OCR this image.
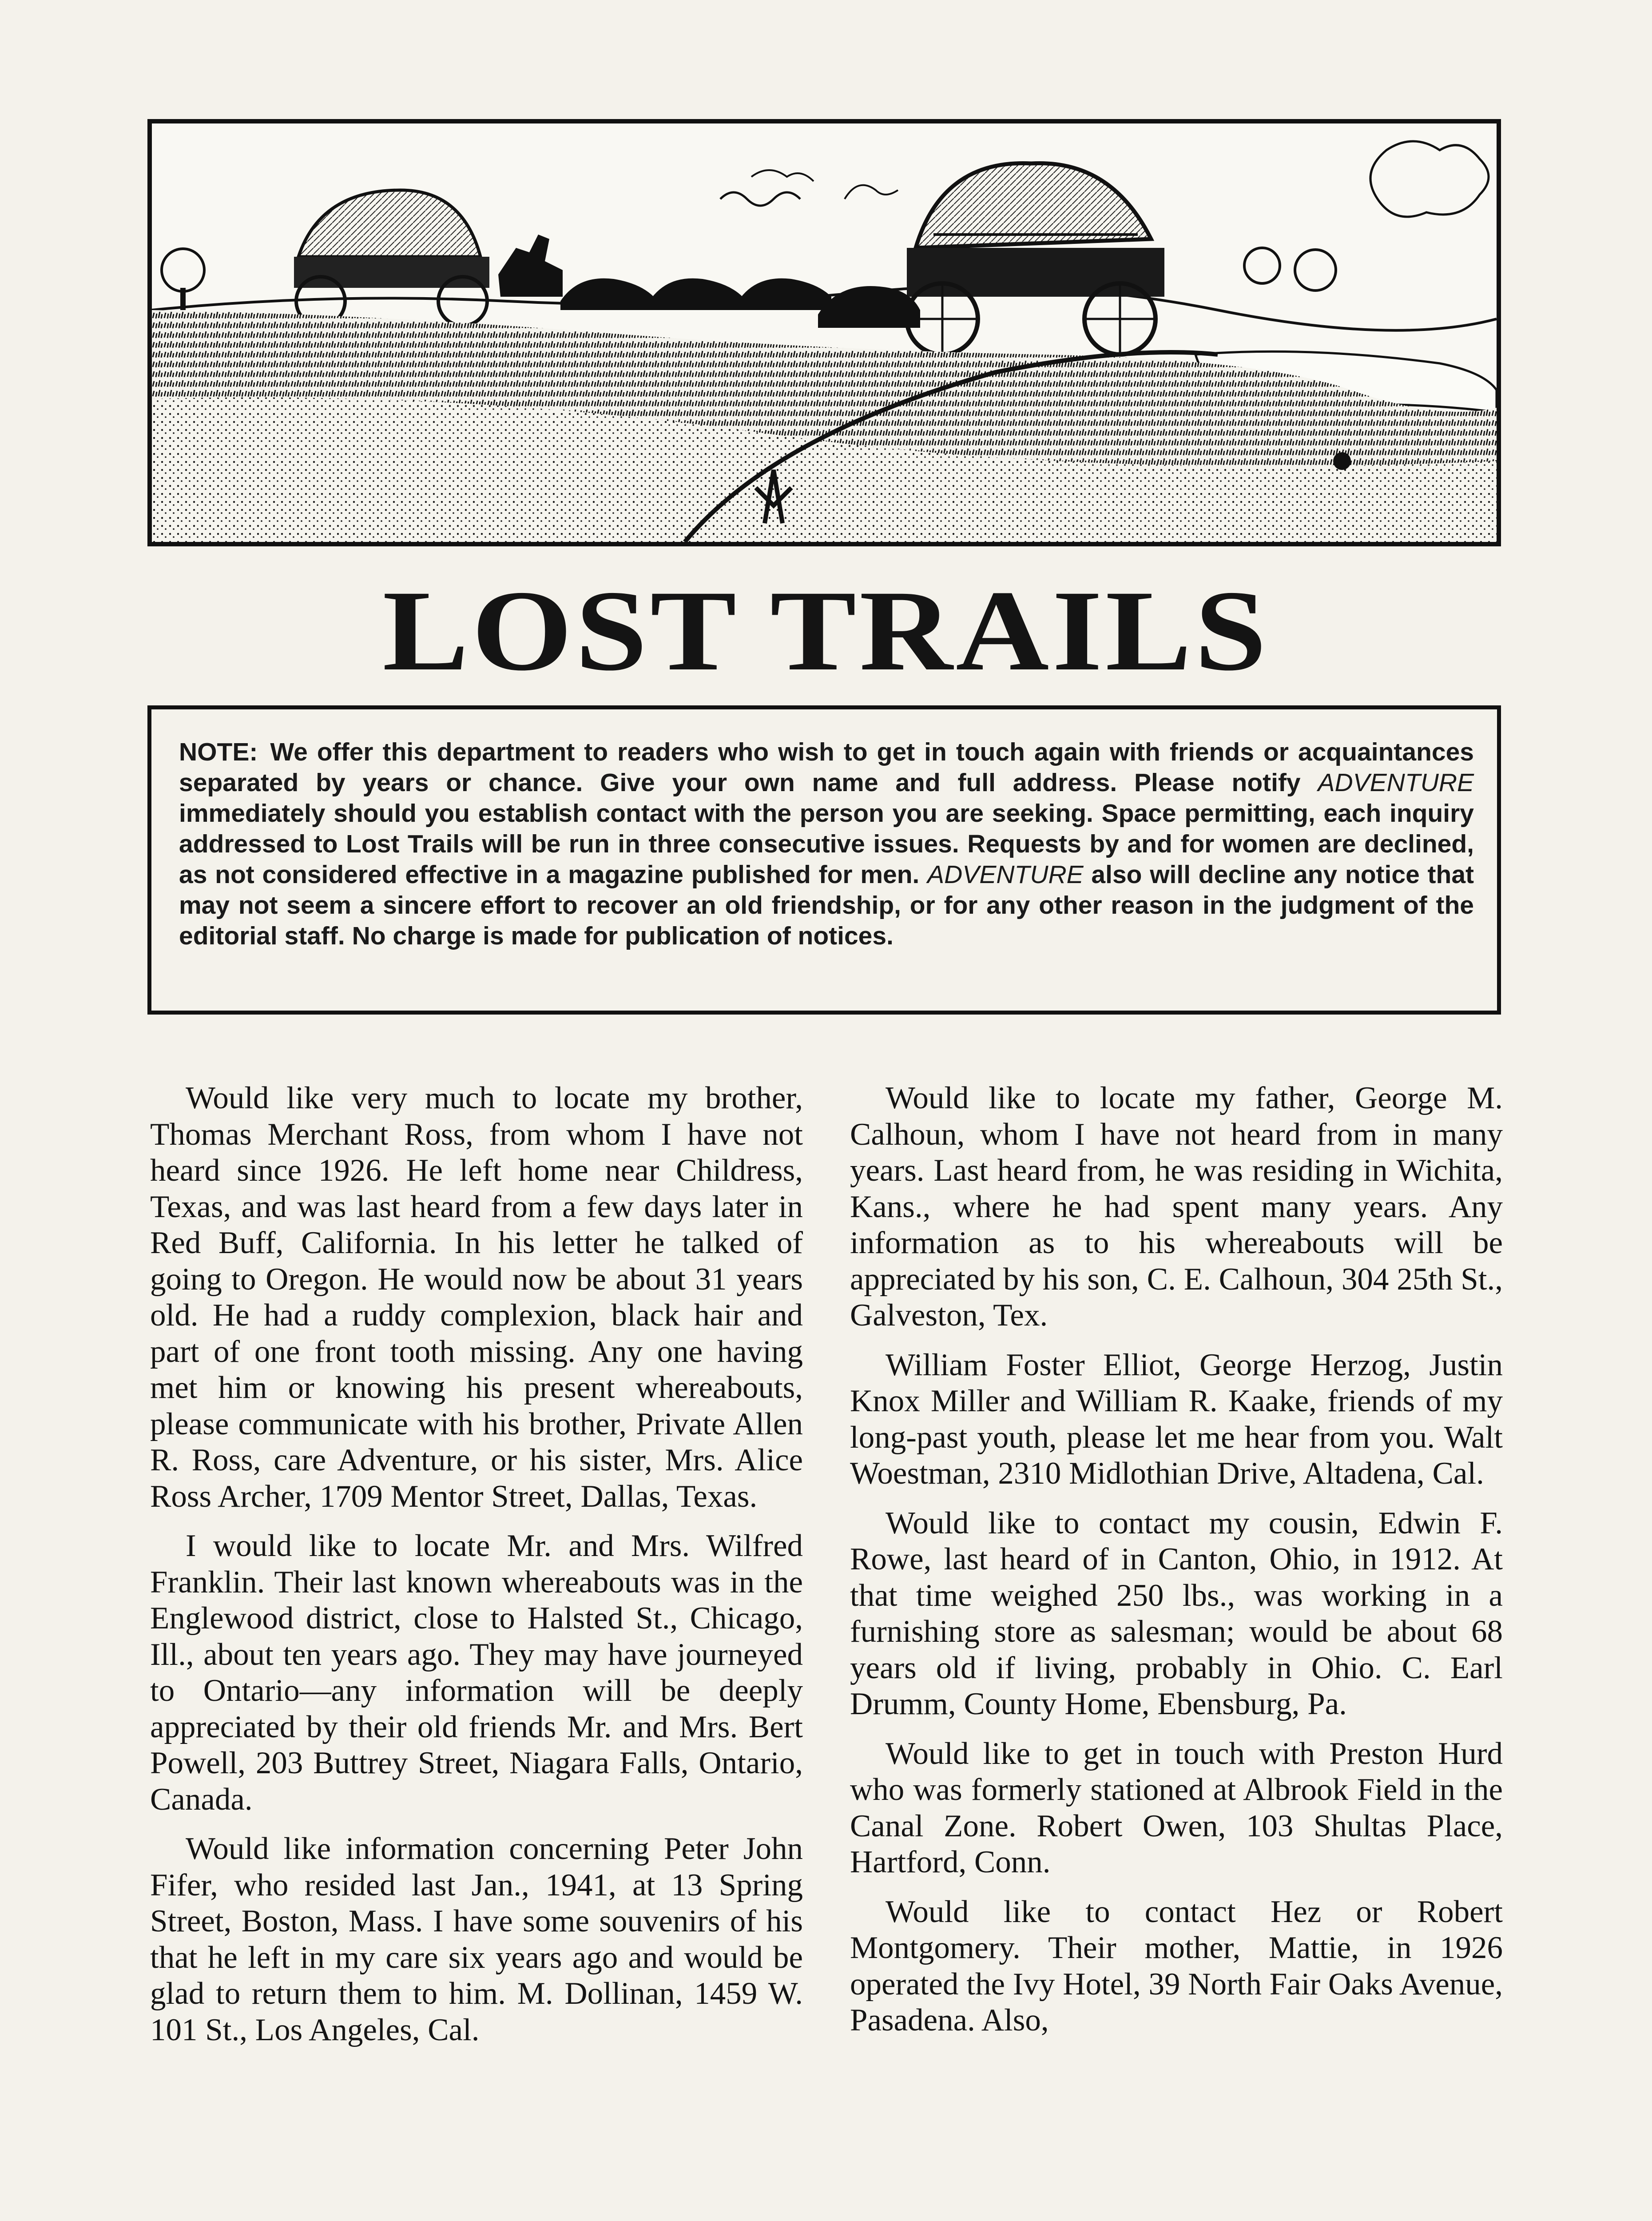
LOST TRAILS
NOTE: We offer this department to readers who wish to get in touch again with friends or acquaintances separated by years or chance. Give your own name and full address. Please notify ADVENTURE immediately should you establish contact with the person you are seeking. Space permitting, each inquiry addressed to Lost Trails will be run in three consecutive issues. Requests by and for women are declined, as not considered effective in a magazine published for men. ADVENTURE also will decline any notice that may not seem a sincere effort to recover an old friendship, or for any other reason in the judgment of the editorial staff. No charge is made for publication of notices.

Would like very much to locate my brother, Thomas Merchant Ross, from whom I have not heard since 1926. He left home near Childress, Texas, and was last heard from a few days later in Red Buff, California. In his letter he talked of going to Oregon. He would now be about 31 years old. He had a ruddy complexion, black hair and part of one front tooth missing. Any one having met him or knowing his present whereabouts, please communicate with his brother, Private Allen R. Ross, care Adventure, or his sister, Mrs. Alice Ross Archer, 1709 Mentor Street, Dallas, Texas.

I would like to locate Mr. and Mrs. Wilfred Franklin. Their last known whereabouts was in the Englewood district, close to Halsted St., Chicago, Ill., about ten years ago. They may have journeyed to Ontario—any information will be deeply appreciated by their old friends Mr. and Mrs. Bert Powell, 203 Buttrey Street, Niagara Falls, Ontario, Canada.

Would like information concerning Peter John Fifer, who resided last Jan., 1941, at 13 Spring Street, Boston, Mass. I have some souvenirs of his that he left in my care six years ago and would be glad to return them to him. M. Dollinan, 1459 W. 101 St., Los Angeles, Cal.

Would like to locate my father, George M. Calhoun, whom I have not heard from in many years. Last heard from, he was residing in Wichita, Kans., where he had spent many years. Any information as to his whereabouts will be appreciated by his son, C. E. Calhoun, 304 25th St., Galveston, Tex.

William Foster Elliot, George Herzog, Justin Knox Miller and William R. Kaake, friends of my long-past youth, please let me hear from you. Walt Woestman, 2310 Midlothian Drive, Altadena, Cal.

Would like to contact my cousin, Edwin F. Rowe, last heard of in Canton, Ohio, in 1912. At that time weighed 250 lbs., was working in a furnishing store as salesman; would be about 68 years old if living, probably in Ohio. C. Earl Drumm, County Home, Ebensburg, Pa.

Would like to get in touch with Preston Hurd who was formerly stationed at Albrook Field in the Canal Zone. Robert Owen, 103 Shultas Place, Hartford, Conn.

Would like to contact Hez or Robert Montgomery. Their mother, Mattie, in 1926 operated the Ivy Hotel, 39 North Fair Oaks Avenue, Pasadena. Also,
